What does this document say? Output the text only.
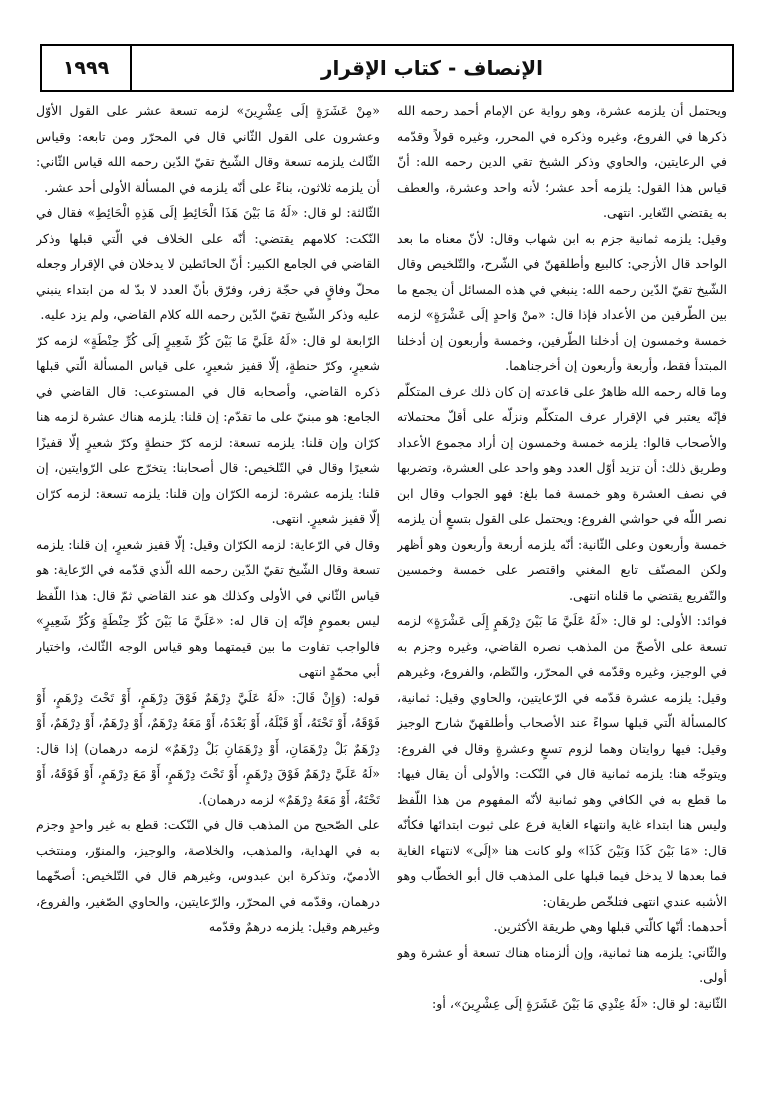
الإنصاف - كتاب الإقرار
١٩٩٩

ويحتمل أن يلزمه عشرة، وهو رواية عن الإمام أحمد رحمه الله ذكرها في الفروع، وغيره وذكره في المحرر، وغيره قولاً وقدّمه في الرعايتين، والحاوي وذكر الشيخ تقي الدين رحمه الله: أنّ قياس هذا القول: يلزمه أحد عشر؛ لأنه واحد وعشرة، والعطف به يقتضي التّغاير. انتهى.

وقيل: يلزمه ثمانية جزم به ابن شهاب وقال: لأنّ معناه ما بعد الواحد قال الأزجي: كالبيع وأطلقهنّ في الشّرح، والتّلخيص وقال الشّيخ تقيّ الدّين رحمه الله: ينبغي في هذه المسائل أن يجمع ما بين الطّرفين من الأعداد فإذا قال: «منْ وَاحدٍ إلَى عَشْرَةٍ» لزمه خمسة وخمسون إن أدخلنا الطّرفين، وخمسة وأربعون إن أدخلنا المبتدأ فقط، وأربعة وأربعون إن أخرجناهما.

وما قاله رحمه الله ظاهرٌ على قاعدته إن كان ذلك عرف المتكلّم فإنّه يعتبر في الإقرار عرف المتكلّم ونزلّه على أقلّ محتملاته والأصحاب قالوا: يلزمه خمسة وخمسون إن أراد مجموع الأعداد وطريق ذلك: أن تزيد أوّل العدد وهو واحد على العشرة، وتضربها في نصف العشرة وهو خمسة فما بلغ: فهو الجواب وقال ابن نصر اللّه في حواشي الفروع: ويحتمل على القول بتسعٍ أن يلزمه خمسة وأربعون وعلى الثّانية: أنّه يلزمه أربعة وأربعون وهو أظهر ولكن المصنّف تابع المغني واقتصر على خمسة وخمسين والتّفريع يقتضي ما قلناه انتهى.

فوائد: الأولى: لو قال: «لَهُ عَلَيَّ مَا بَيْنَ دِرْهَمٍ إِلَى عَشْرَةٍ» لزمه تسعة على الأصحّ من المذهب نصره القاضي، وغيره وجزم به في الوجيز، وغيره وقدّمه في المحرّر، والنّظم، والفروع، وغيرهم وقيل: يلزمه عشرة قدّمه في الرّعايتين، والحاوي وقيل: ثمانية، كالمسألة الّتي قبلها سواءً عند الأصحاب وأطلقهنّ شارح الوجيز وقيل: فيها روايتان وهما لزوم تسعٍ وعشرةٍ وقال في الفروع: ويتوجّه هنا: يلزمه ثمانية قال في النّكت: والأولى أن يقال فيها: ما قطع به في الكافي وهو ثمانية لأنّه المفهوم من هذا اللّفظ وليس هنا ابتداء غاية وانتهاء الغاية فرع على ثبوت ابتدائها فكأنّه قال: «مَا بَيْنَ كَذَا وَبَيْنَ كَذَا» ولو كانت هنا «إلَى» لانتهاء الغاية فما بعدها لا يدخل فيما قبلها على المذهب قال أبو الخطّاب وهو الأشبه عندي انتهى فتلخّص طريقان:

أحدهما: أنّها كالّتي قبلها وهي طريقة الأكثرين.

والثّاني: يلزمه هنا ثمانية، وإن ألزمناه هناك تسعة أو عشرة وهو أولى.

الثّانية: لو قال: «لَهُ عِنْدِي مَا بَيْنَ عَشَرَةٍ إلَى عِشْرِينَ»، أو:

«مِنْ عَشَرَةٍ إلَى عِشْرِينَ» لزمه تسعة عشر على القول الأوّل وعشرون على القول الثّاني قال في المحرّر ومن تابعه: وقياس الثّالث يلزمه تسعة وقال الشّيخ تقيّ الدّين رحمه الله قياس الثّاني: أن يلزمه ثلاثون، بناءً على أنّه يلزمه في المسألة الأولى أحد عشر.

الثّالثة: لو قال: «لَهُ مَا بَيْنَ هَذَا الْحَائِطِ إلَى هَذِهِ الْحَائِطِ» فقال في النّكت: كلامهم يقتضي: أنّه على الخلاف في الّتي قبلها وذكر القاضي في الجامع الكبير: أنّ الحائطين لا يدخلان في الإقرار وجعله محلّ وفاقٍ في حجّة زفر، وفرّق بأنّ العدد لا بدّ له من ابتداء ينبني عليه وذكر الشّيخ تقيّ الدّين رحمه الله كلام القاضي، ولم يزد عليه.

الرّابعة لو قال: «لَهُ عَلَيَّ مَا بَيْنَ كُرِّ شَعِيرٍ إلَى كُرِّ حِنْطَةٍ» لزمه كرّ شعيرٍ، وكرّ حنطةٍ، إلّا قفيز شعيرٍ، على قياس المسألة الّتي قبلها ذكره القاضي، وأصحابه قال في المستوعب: قال القاضي في الجامع: هو مبنيّ على ما تقدّم: إن قلنا: يلزمه هناك عشرة لزمه هنا كرّان وإن قلنا: يلزمه تسعة: لزمه كرّ حنطةٍ وكرّ شعيرٍ إلّا قفيزًا شعيرًا وقال في التّلخيص: قال أصحابنا: يتخرّج على الرّوايتين، إن قلنا: يلزمه عشرة: لزمه الكرّان وإن قلنا: يلزمه تسعة: لزمه كرّان إلّا قفيز شعيرٍ. انتهى.

وقال في الرّعاية: لزمه الكرّان وقيل: إلّا قفيز شعيرٍ، إن قلنا: يلزمه تسعة وقال الشّيخ تقيّ الدّين رحمه الله الّذي قدّمه في الرّعاية: هو قياس الثّاني في الأولى وكذلك هو عند القاضي ثمّ قال: هذا اللّفظ ليس بعمومٍ فإنّه إن قال له: «عَلَيَّ مَا بَيْنَ كُرِّ حِنْطَةٍ وَكُرِّ شَعِيرٍ» فالواجب تفاوت ما بين قيمتهما وهو قياس الوجه الثّالث، واختيار أبي محمّدٍ انتهى

قوله: (وَإِنْ قَالَ: «لَهُ عَلَيَّ دِرْهَمٌ فَوْقَ دِرْهَمٍ، أَوْ تَحْتَ دِرْهَمٍ، أَوْ فَوْقَهُ، أَوْ تَحْتَهُ، أَوْ قَبْلَهُ، أَوْ بَعْدَهُ، أَوْ مَعَهُ دِرْهَمٌ، أَوْ دِرْهَمٌ، أَوْ دِرْهَمٌ، أَوْ دِرْهَمٌ بَلْ دِرْهَمَانِ، أَوْ دِرْهَمَانِ بَلْ دِرْهَمٌ» لزمه درهمان) إذا قال: «لَهُ عَلَيَّ دِرْهَمٌ فَوْقَ دِرْهَمٍ، أَوْ تَحْتَ دِرْهَمٍ، أَوْ مَعَ دِرْهَمٍ، أَوْ فَوْقَهُ، أَوْ تَحْتَهُ، أَوْ مَعَهُ دِرْهَمٌ» لزمه درهمان).

على الصّحيح من المذهب قال في النّكت: قطع به غير واحدٍ وجزم به في الهداية، والمذهب، والخلاصة، والوجيز، والمنوّر، ومنتخب الأدميّ، وتذكرة ابن عبدوس، وغيرهم قال في التّلخيص: أصحّهما درهمان، وقدّمه في المحرّر، والرّعايتين، والحاوي الصّغير، والفروع، وغيرهم وقيل: يلزمه درهمٌ وقدّمه
